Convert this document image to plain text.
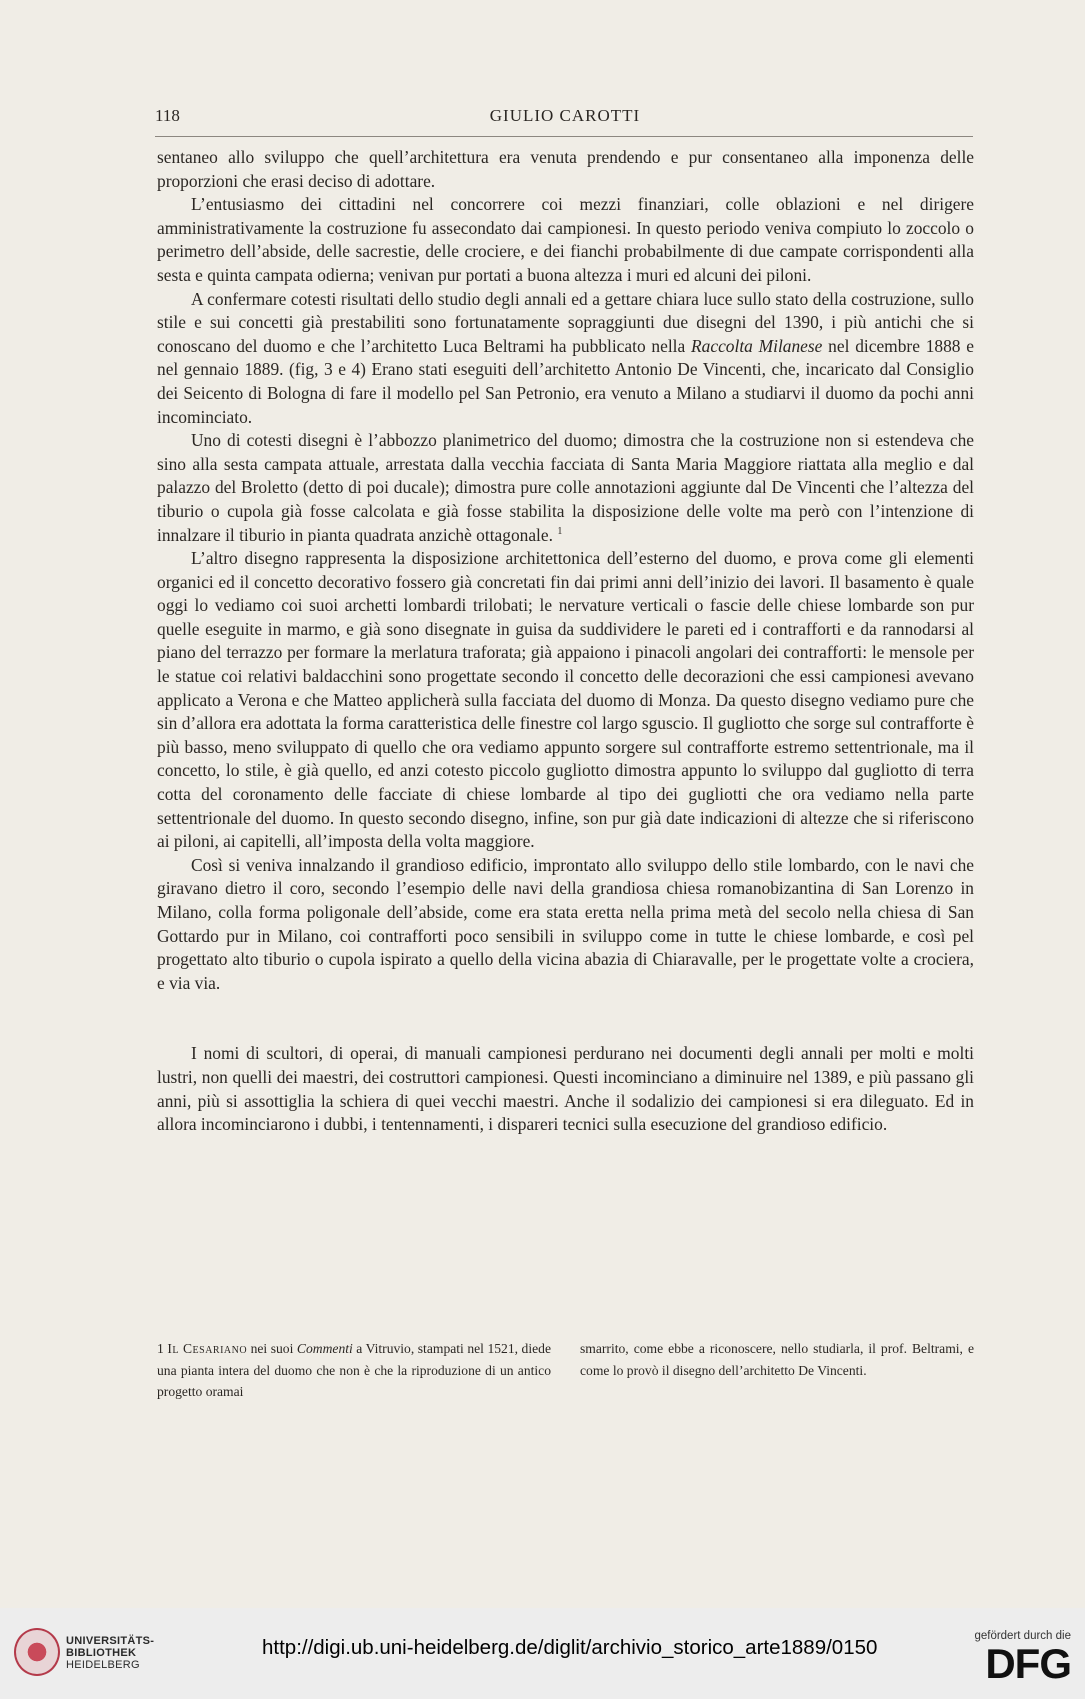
118	GIULIO CAROTTI

sentaneo allo sviluppo che quell’architettura era venuta prendendo e pur consentaneo alla imponenza delle proporzioni che erasi deciso di adottare.

L’entusiasmo dei cittadini nel concorrere coi mezzi finanziari, colle oblazioni e nel dirigere amministrativamente la costruzione fu assecondato dai campionesi. In questo periodo veniva compiuto lo zoccolo o perimetro dell’abside, delle sacrestie, delle crociere, e dei fianchi probabilmente di due campate corrispondenti alla sesta e quinta campata odierna; venivan pur portati a buona altezza i muri ed alcuni dei piloni.

A confermare cotesti risultati dello studio degli annali ed a gettare chiara luce sullo stato della costruzione, sullo stile e sui concetti già prestabiliti sono fortunatamente sopraggiunti due disegni del 1390, i più antichi che si conoscano del duomo e che l’architetto Luca Beltrami ha pubblicato nella Raccolta Milanese nel dicembre 1888 e nel gennaio 1889. (fig, 3 e 4) Erano stati eseguiti dell’architetto Antonio De Vincenti, che, incaricato dal Consiglio dei Seicento di Bologna di fare il modello pel San Petronio, era venuto a Milano a studiarvi il duomo da pochi anni incominciato.

Uno di cotesti disegni è l’abbozzo planimetrico del duomo; dimostra che la costruzione non si estendeva che sino alla sesta campata attuale, arrestata dalla vecchia facciata di Santa Maria Maggiore riattata alla meglio e dal palazzo del Broletto (detto di poi ducale); dimostra pure colle annotazioni aggiunte dal De Vincenti che l’altezza del tiburio o cupola già fosse calcolata e già fosse stabilita la disposizione delle volte ma però con l’intenzione di innalzare il tiburio in pianta quadrata anzichè ottagonale. $^1$

L’altro disegno rappresenta la disposizione architettonica dell’esterno del duomo, e prova come gli elementi organici ed il concetto decorativo fossero già concretati fin dai primi anni dell’inizio dei lavori. Il basamento è quale oggi lo vediamo coi suoi archetti lombardi trilobati; le nervature verticali o fascie delle chiese lombarde son pur quelle eseguite in marmo, e già sono disegnate in guisa da suddividere le pareti ed i contrafforti e da rannodarsi al piano del terrazzo per formare la merlatura traforata; già appaiono i pinacoli angolari dei contrafforti: le mensole per le statue coi relativi baldacchini sono progettate secondo il concetto delle decorazioni che essi campionesi avevano applicato a Verona e che Matteo applicherà sulla facciata del duomo di Monza. Da questo disegno vediamo pure che sin d’allora era adottata la forma caratteristica delle finestre col largo sguscio. Il gugliotto che sorge sul contrafforte è più basso, meno sviluppato di quello che ora vediamo appunto sorgere sul contrafforte estremo settentrionale, ma il concetto, lo stile, è già quello, ed anzi cotesto piccolo gugliotto dimostra appunto lo sviluppo dal gugliotto di terra cotta del coronamento delle facciate di chiese lombarde al tipo dei gugliotti che ora vediamo nella parte settentrionale del duomo. In questo secondo disegno, infine, son pur già date indicazioni di altezze che si riferiscono ai piloni, ai capitelli, all’imposta della volta maggiore.

Così si veniva innalzando il grandioso edificio, improntato allo sviluppo dello stile lombardo, con le navi che giravano dietro il coro, secondo l’esempio delle navi della grandiosa chiesa romanobizantina di San Lorenzo in Milano, colla forma poligonale dell’abside, come era stata eretta nella prima metà del secolo nella chiesa di San Gottardo pur in Milano, coi contrafforti poco sensibili in sviluppo come in tutte le chiese lombarde, e così pel progettato alto tiburio o cupola ispirato a quello della vicina abazia di Chiaravalle, per le progettate volte a crociera, e via via.

I nomi di scultori, di operai, di manuali campionesi perdurano nei documenti degli annali per molti e molti lustri, non quelli dei maestri, dei costruttori campionesi. Questi incominciano a diminuire nel 1389, e più passano gli anni, più si assottiglia la schiera di quei vecchi maestri. Anche il sodalizio dei campionesi si era dileguato. Ed in allora incominciarono i dubbi, i tentennamenti, i dispareri tecnici sulla esecuzione del grandioso edificio.

1 Il Cesariano nei suoi Commenti a Vitruvio, stampati nel 1521, diede una pianta intera del duomo che non è che la riproduzione di un antico progetto oramai
smarrito, come ebbe a riconoscere, nello studiarla, il prof. Beltrami, e come lo provò il disegno dell’architetto De Vincenti.
UNIVERSITÄTS-
BIBLIOTHEK
HEIDELBERG
http://digi.ub.uni-heidelberg.de/diglit/archivio_storico_arte1889/0150	gefördert durch die
DFG
